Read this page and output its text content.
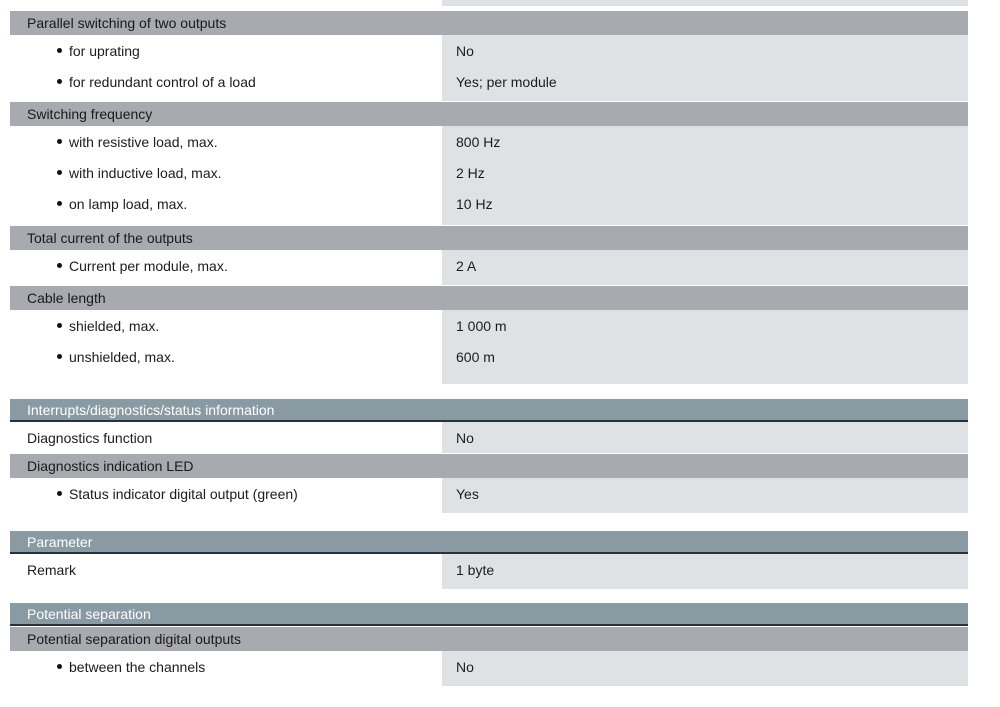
Parallel switching of two outputs
for uprating	No
for redundant control of a load	Yes; per module
Switching frequency
with resistive load, max.	800 Hz
with inductive load, max.	2 Hz
on lamp load, max.	10 Hz
Total current of the outputs
Current per module, max.	2 A
Cable length
shielded, max.	1 000 m
unshielded, max.	600 m
Interrupts/diagnostics/status information
Diagnostics function	No
Diagnostics indication LED
Status indicator digital output (green)	Yes
Parameter
Remark	1 byte
Potential separation
Potential separation digital outputs
between the channels	No
